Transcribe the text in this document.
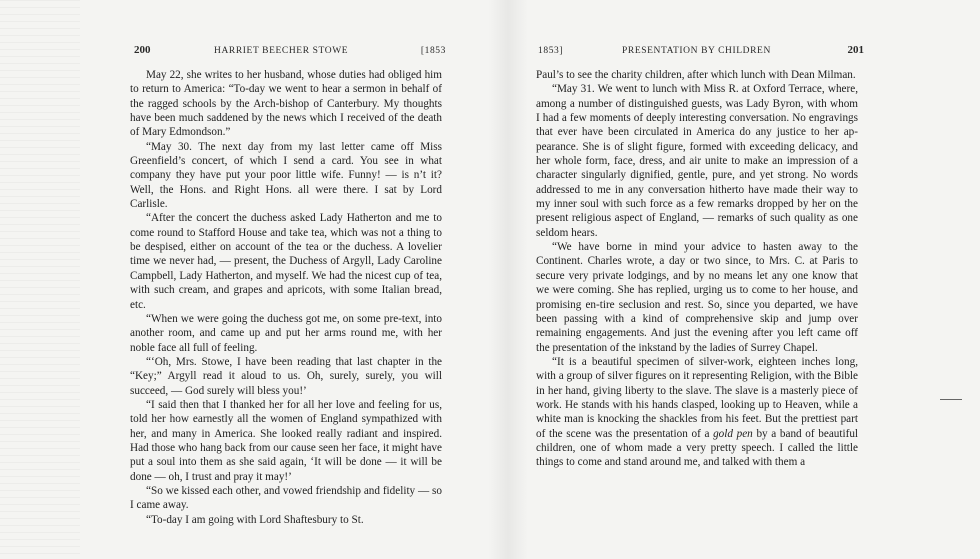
200	HARRIET BEECHER STOWE	[1853

May 22, she writes to her husband, whose duties had obliged him to return to America: “To-day we went to hear a sermon in behalf of the ragged schools by the Arch-bishop of Canterbury. My thoughts have been much saddened by the news which I received of the death of Mary Edmondson.”

“May 30. The next day from my last letter came off Miss Greenfield’s concert, of which I send a card. You see in what company they have put your poor little wife. Funny! — is n’t it? Well, the Hons. and Right Hons. all were there. I sat by Lord Carlisle.

“After the concert the duchess asked Lady Hatherton and me to come round to Stafford House and take tea, which was not a thing to be despised, either on account of the tea or the duchess. A lovelier time we never had, — present, the Duchess of Argyll, Lady Caroline Campbell, Lady Hatherton, and myself. We had the nicest cup of tea, with such cream, and grapes and apricots, with some Italian bread, etc.

“When we were going the duchess got me, on some pre-text, into another room, and came up and put her arms round me, with her noble face all full of feeling.

“‘Oh, Mrs. Stowe, I have been reading that last chapter in the “Key;” Argyll read it aloud to us. Oh, surely, surely, you will succeed, — God surely will bless you!’

“I said then that I thanked her for all her love and feeling for us, told her how earnestly all the women of England sympathized with her, and many in America. She looked really radiant and inspired. Had those who hang back from our cause seen her face, it might have put a soul into them as she said again, ‘It will be done — it will be done — oh, I trust and pray it may!’

“So we kissed each other, and vowed friendship and fidelity — so I came away.

“To-day I am going with Lord Shaftesbury to St.

1853]	PRESENTATION BY CHILDREN	201

Paul’s to see the charity children, after which lunch with Dean Milman.

“May 31. We went to lunch with Miss R. at Oxford Terrace, where, among a number of distinguished guests, was Lady Byron, with whom I had a few moments of deeply interesting conversation. No engravings that ever have been circulated in America do any justice to her ap-pearance. She is of slight figure, formed with exceeding delicacy, and her whole form, face, dress, and air unite to make an impression of a character singularly dignified, gentle, pure, and yet strong. No words addressed to me in any conversation hitherto have made their way to my inner soul with such force as a few remarks dropped by her on the present religious aspect of England, — remarks of such quality as one seldom hears.

“We have borne in mind your advice to hasten away to the Continent. Charles wrote, a day or two since, to Mrs. C. at Paris to secure very private lodgings, and by no means let any one know that we were coming. She has replied, urging us to come to her house, and promising en-tire seclusion and rest. So, since you departed, we have been passing with a kind of comprehensive skip and jump over remaining engagements. And just the evening after you left came off the presentation of the inkstand by the ladies of Surrey Chapel.

“It is a beautiful specimen of silver-work, eighteen inches long, with a group of silver figures on it representing Religion, with the Bible in her hand, giving liberty to the slave. The slave is a masterly piece of work. He stands with his hands clasped, looking up to Heaven, while a white man is knocking the shackles from his feet. But the prettiest part of the scene was the presentation of a gold pen by a band of beautiful children, one of whom made a very pretty speech. I called the little things to come and stand around me, and talked with them a
